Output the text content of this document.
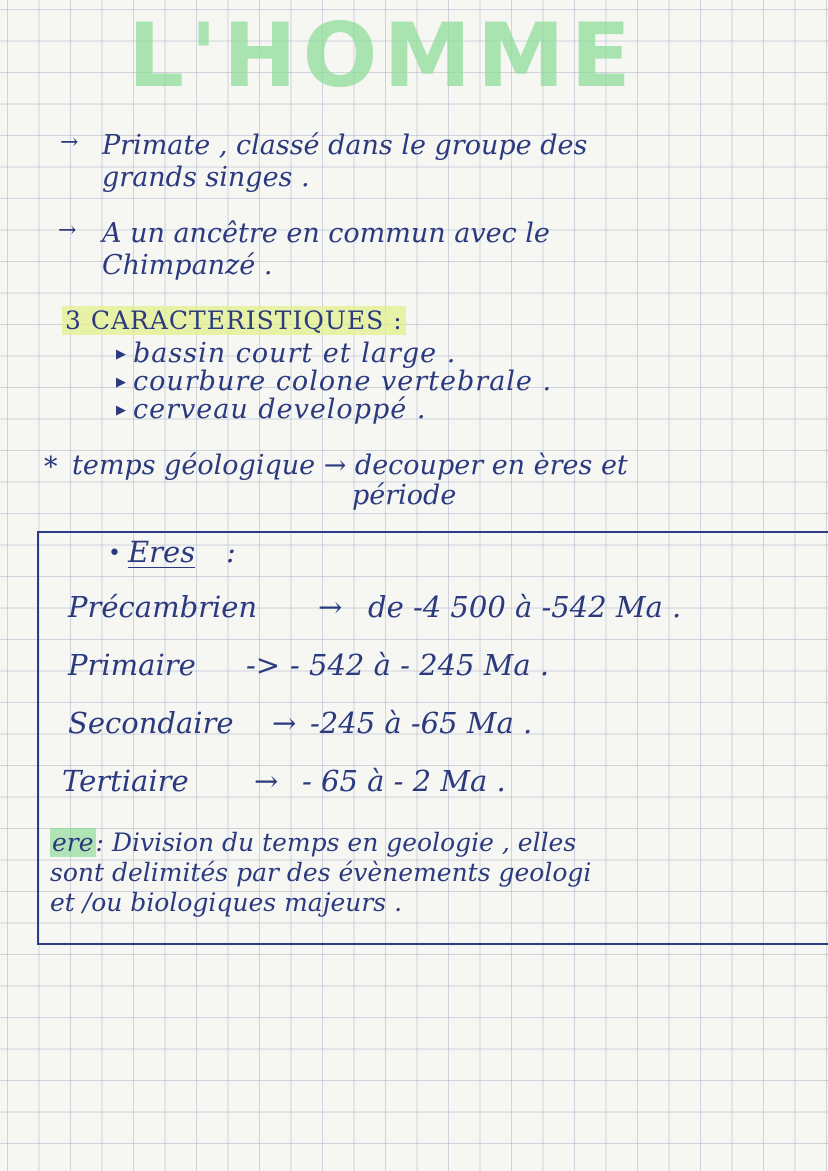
L'HOMME
→ Primate , classé dans le groupe des
grands singes .
→ A un ancêtre en commun avec le
Chimpanzé .
3 CARACTERISTIQUES :
▶ bassin court et large .
▶ courbure colone vertebrale .
▶ cerveau developpé .
* temps géologique → decouper en ères et
période
• Eres :
Précambrien → de -4 500 à -542 Ma .
Primaire -> - 542 à - 245 Ma .
Secondaire → -245 à -65 Ma .
Tertiaire → - 65 à - 2 Ma .
ere: Division du temps en geologie , elles
sont delimités par des évènements geologi
et /ou biologiques majeurs .
